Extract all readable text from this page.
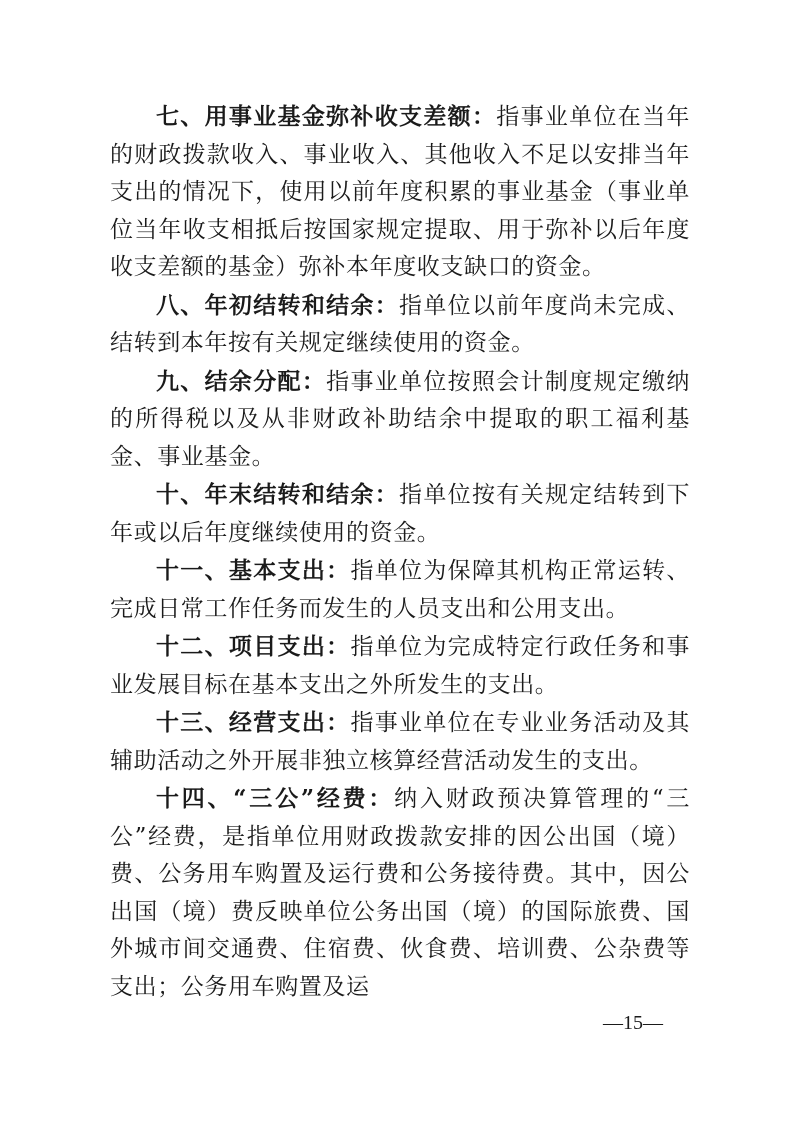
七、用事业基金弥补收支差额：指事业单位在当年的财政拨款收入、事业收入、其他收入不足以安排当年支出的情况下，使用以前年度积累的事业基金（事业单位当年收支相抵后按国家规定提取、用于弥补以后年度收支差额的基金）弥补本年度收支缺口的资金。

八、年初结转和结余：指单位以前年度尚未完成、结转到本年按有关规定继续使用的资金。

九、结余分配：指事业单位按照会计制度规定缴纳的所得税以及从非财政补助结余中提取的职工福利基金、事业基金。

十、年末结转和结余：指单位按有关规定结转到下年或以后年度继续使用的资金。

十一、基本支出：指单位为保障其机构正常运转、完成日常工作任务而发生的人员支出和公用支出。

十二、项目支出：指单位为完成特定行政任务和事业发展目标在基本支出之外所发生的支出。

十三、经营支出：指事业单位在专业业务活动及其辅助活动之外开展非独立核算经营活动发生的支出。

十四、“三公”经费：纳入财政预决算管理的“三公”经费，是指单位用财政拨款安排的因公出国（境）费、公务用车购置及运行费和公务接待费。其中，因公出国（境）费反映单位公务出国（境）的国际旅费、国外城市间交通费、住宿费、伙食费、培训费、公杂费等支出；公务用车购置及运

—15—
